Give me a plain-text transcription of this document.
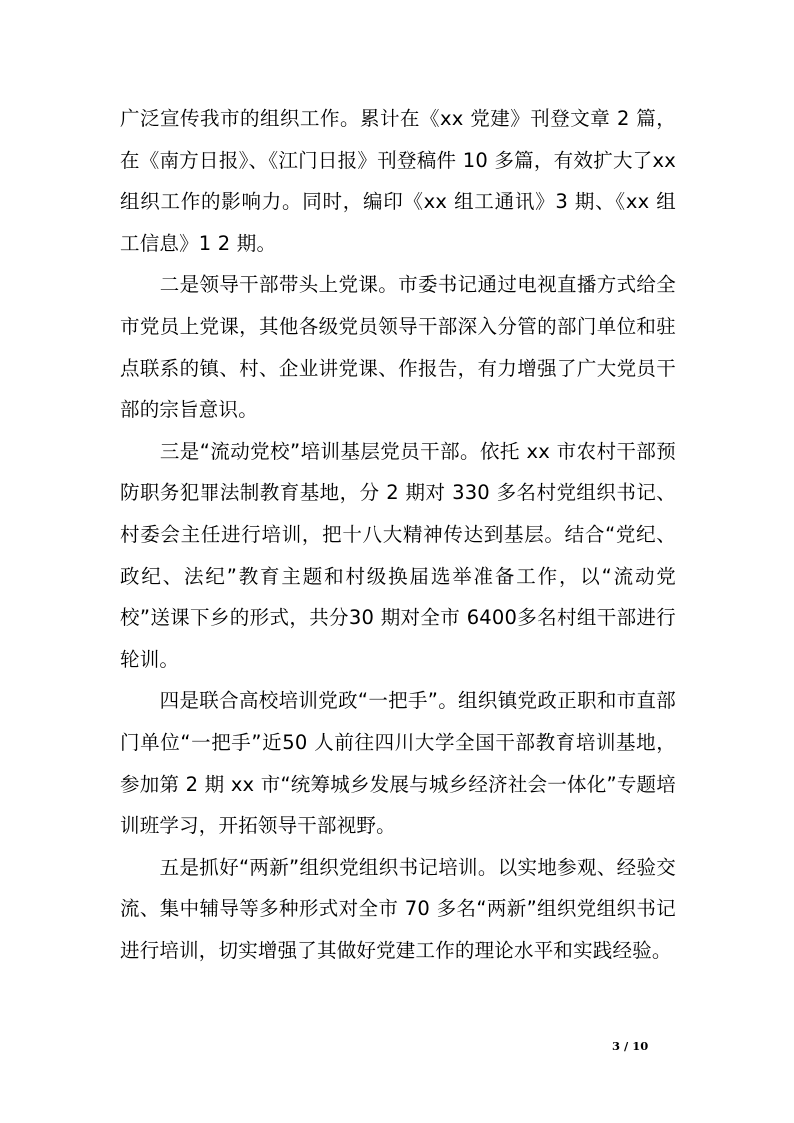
广泛宣传我市的组织工作。累计在《xx 党建》刊登文章 2 篇，在《南方日报》、《江门日报》刊登稿件 10 多篇，有效扩大了xx 组织工作的影响力。同时，编印《xx 组工通讯》3 期、《xx 组工信息》1 2 期。

　　二是领导干部带头上党课。市委书记通过电视直播方式给全市党员上党课，其他各级党员领导干部深入分管的部门单位和驻点联系的镇、村、企业讲党课、作报告，有力增强了广大党员干部的宗旨意识。

　　三是“流动党校”培训基层党员干部。依托 xx 市农村干部预防职务犯罪法制教育基地，分 2 期对 330 多名村党组织书记、村委会主任进行培训，把十八大精神传达到基层。结合“党纪、政纪、法纪”教育主题和村级换届选举准备工作，以“流动党校”送课下乡的形式，共分30 期对全市 6400多名村组干部进行轮训。

　　四是联合高校培训党政“一把手”。组织镇党政正职和市直部门单位“一把手”近50 人前往四川大学全国干部教育培训基地，参加第 2 期 xx 市“统筹城乡发展与城乡经济社会一体化”专题培训班学习，开拓领导干部视野。

　　五是抓好“两新”组织党组织书记培训。以实地参观、经验交流、集中辅导等多种形式对全市 70 多名“两新”组织党组织书记进行培训，切实增强了其做好党建工作的理论水平和实践经验。

3 / 10
